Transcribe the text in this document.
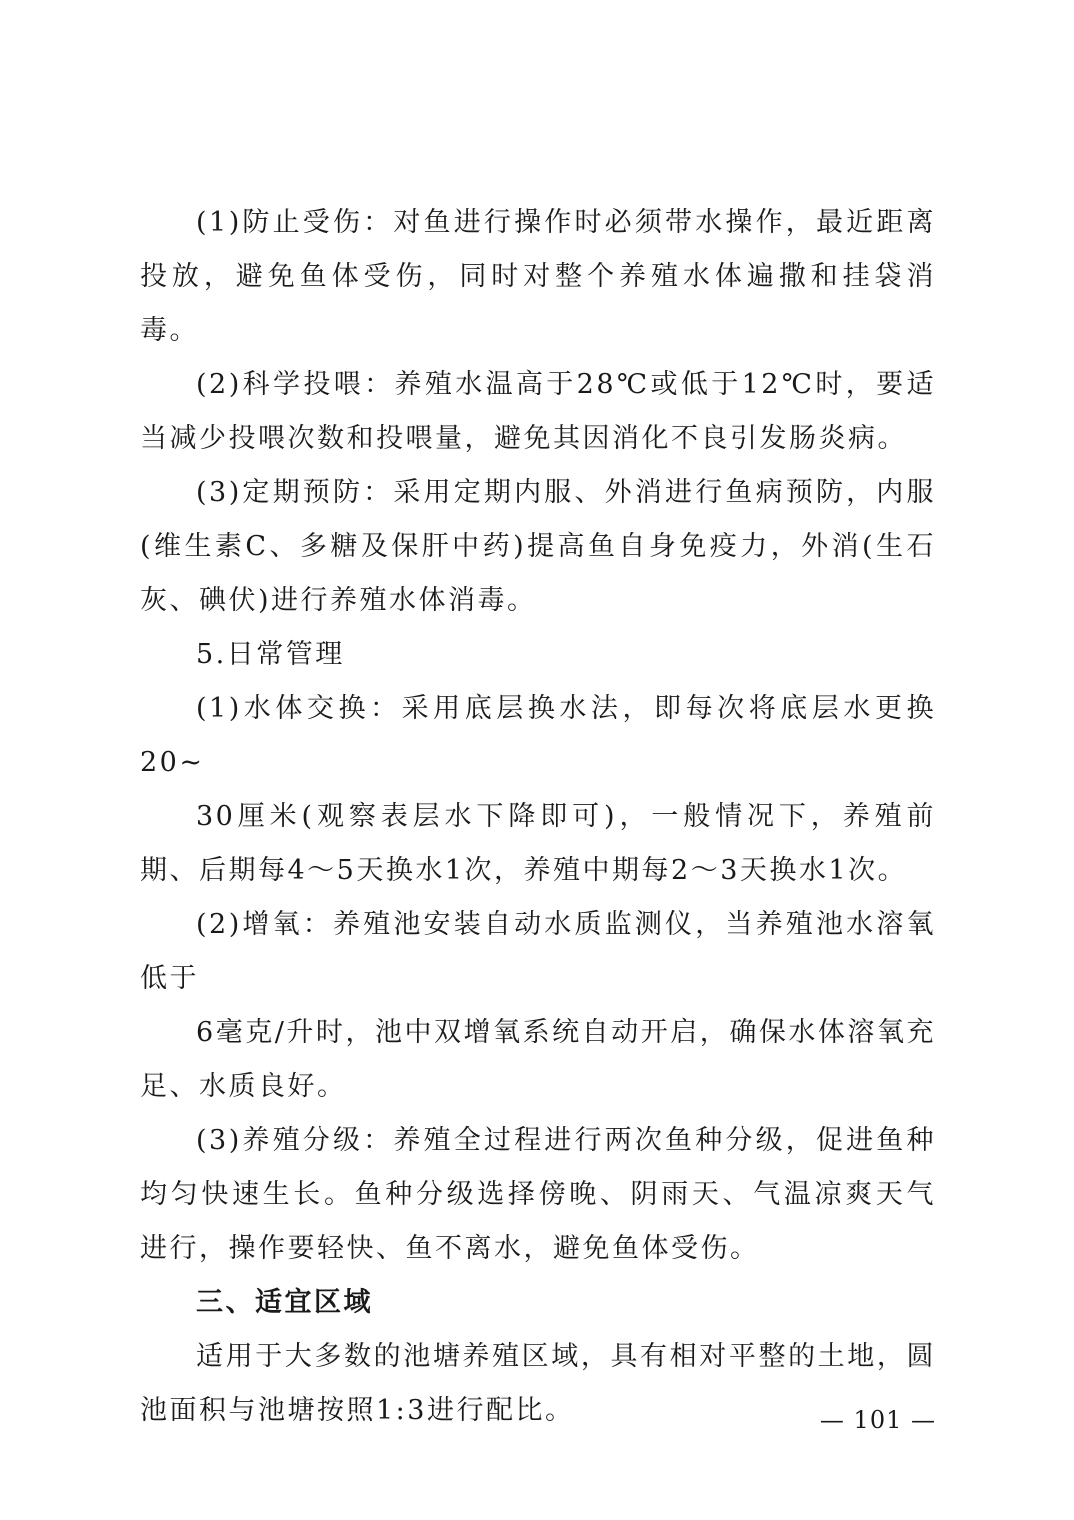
(1)防止受伤：对鱼进行操作时必须带水操作，最近距离投放，避免鱼体受伤，同时对整个养殖水体遍撒和挂袋消毒。

(2)科学投喂：养殖水温高于28℃或低于12℃时，要适当减少投喂次数和投喂量，避免其因消化不良引发肠炎病。

(3)定期预防：采用定期内服、外消进行鱼病预防，内服(维生素C、多糖及保肝中药)提高鱼自身免疫力，外消(生石灰、碘伏)进行养殖水体消毒。

5.日常管理

(1)水体交换：采用底层换水法，即每次将底层水更换20~

30厘米(观察表层水下降即可)，一般情况下，养殖前期、后期每4～5天换水1次，养殖中期每2～3天换水1次。

(2)增氧：养殖池安装自动水质监测仪，当养殖池水溶氧低于

6毫克/升时，池中双增氧系统自动开启，确保水体溶氧充足、水质良好。

(3)养殖分级：养殖全过程进行两次鱼种分级，促进鱼种均匀快速生长。鱼种分级选择傍晚、阴雨天、气温凉爽天气进行，操作要轻快、鱼不离水，避免鱼体受伤。

三、适宜区域

适用于大多数的池塘养殖区域，具有相对平整的土地，圆池面积与池塘按照1:3进行配比。	— 101 —
